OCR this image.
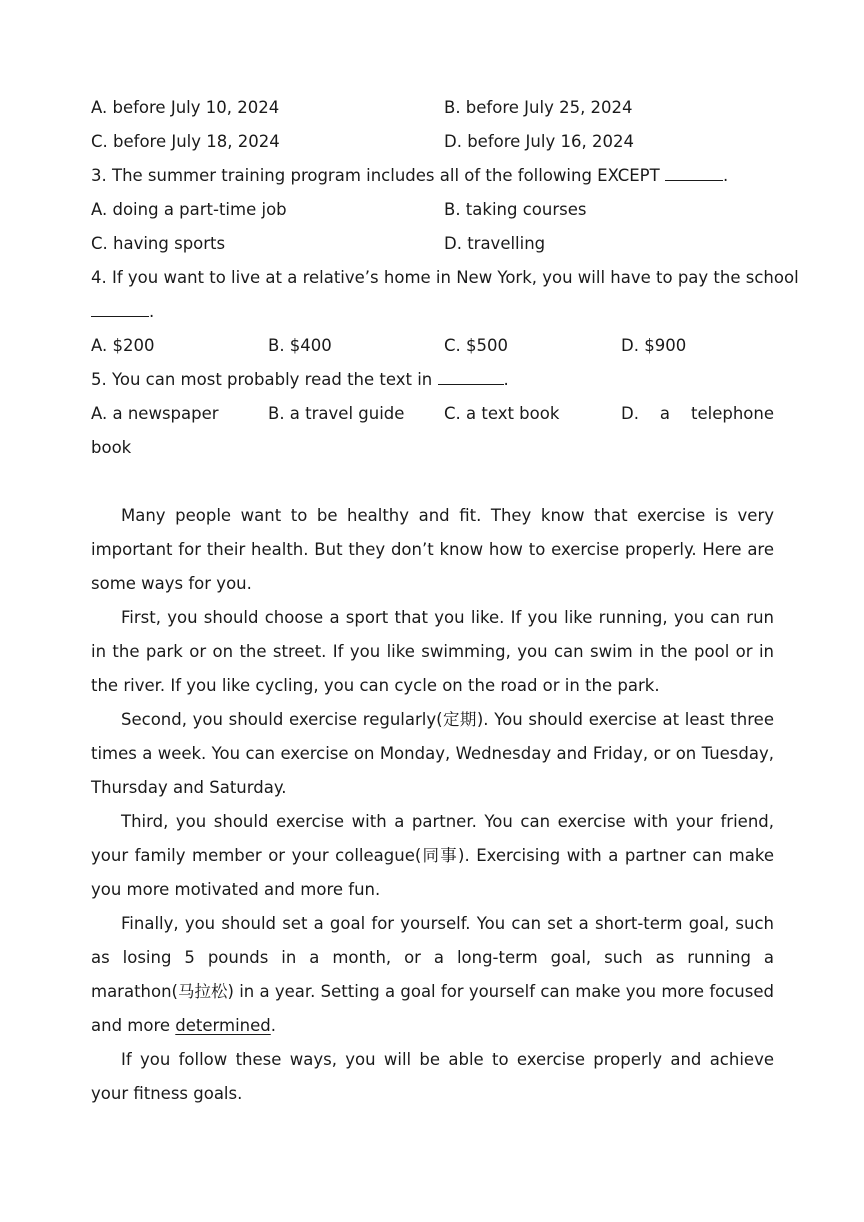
A. before July 10, 2024	B. before July 25, 2024
C. before July 18, 2024	D. before July 16, 2024
3. The summer training program includes all of the following EXCEPT	.
A. doing a part-time job	B. taking courses
C. having sports	D. travelling
4. If you want to live at a relative’s home in New York, you will have to pay the school
.
A. $200	B. $400	C. $500	D. $900
5. You can most probably read the text in	.
A. a newspaper	B. a travel guide C. a text book	D. a telephone
book

Many people want to be healthy and fit. They know that exercise is very important for their health. But they don’t know how to exercise properly. Here are some ways for you.

First, you should choose a sport that you like. If you like running, you can run in the park or on the street. If you like swimming, you can swim in the pool or in the river. If you like cycling, you can cycle on the road or in the park.

Second, you should exercise regularly(定期). You should exercise at least three times a week. You can exercise on Monday, Wednesday and Friday, or on Tuesday, Thursday and Saturday.

Third, you should exercise with a partner. You can exercise with your friend, your family member or your colleague(同事). Exercising with a partner can make you more motivated and more fun.

Finally, you should set a goal for yourself. You can set a short-term goal, such as losing 5 pounds in a month, or a long-term goal, such as running a marathon(马拉松) in a year. Setting a goal for yourself can make you more focused and more determined.

If you follow these ways, you will be able to exercise properly and achieve your fitness goals.
